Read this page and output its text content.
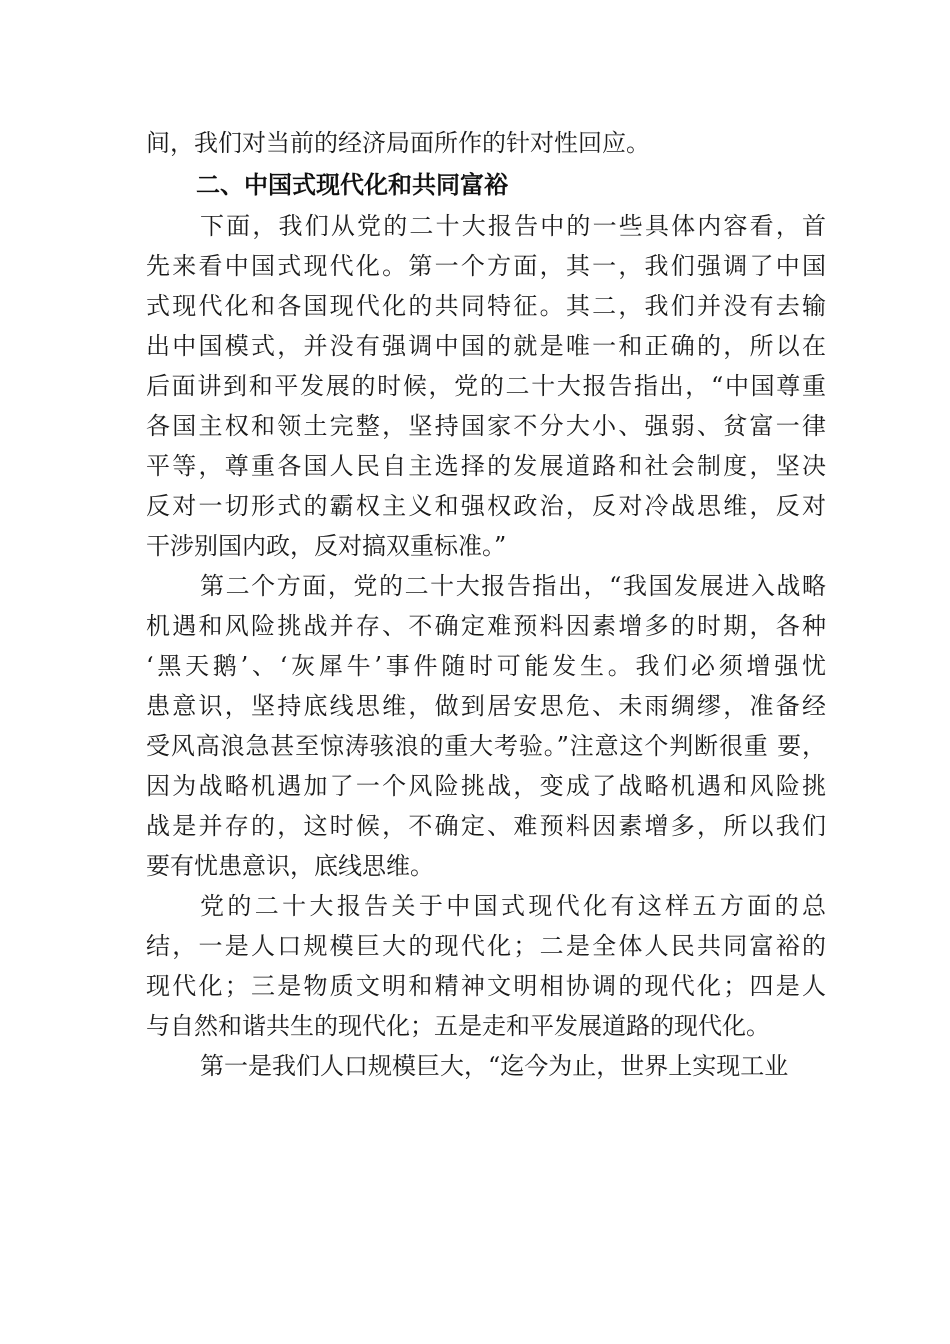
间，我们对当前的经济局面所作的针对性回应。
二、中国式现代化和共同富裕
下面，我们从党的二十大报告中的一些具体内容看，首
先来看中国式现代化。第一个方面，其一，我们强调了中国
式现代化和各国现代化的共同特征。其二，我们并没有去输
出中国模式，并没有强调中国的就是唯一和正确的，所以在
后面讲到和平发展的时候，党的二十大报告指出，“中国尊重
各国主权和领土完整，坚持国家不分大小、强弱、贫富一律
平等，尊重各国人民自主选择的发展道路和社会制度，坚决
反对一切形式的霸权主义和强权政治，反对冷战思维，反对
干涉别国内政，反对搞双重标准。”
第二个方面，党的二十大报告指出，“我国发展进入战略
机遇和风险挑战并存、不确定难预料因素增多的时期，各种
‘黑天鹅’、‘灰犀牛’事件随时可能发生。我们必须增强忧
患意识，坚持底线思维，做到居安思危、未雨绸缪，准备经
受风高浪急甚至惊涛骇浪的重大考验。”注意这个判断很重 要，
因为战略机遇加了一个风险挑战，变成了战略机遇和风险挑
战是并存的，这时候，不确定、难预料因素增多，所以我们
要有忧患意识，底线思维。
党的二十大报告关于中国式现代化有这样五方面的总
结，一是人口规模巨大的现代化；二是全体人民共同富裕的
现代化；三是物质文明和精神文明相协调的现代化；四是人
与自然和谐共生的现代化；五是走和平发展道路的现代化。
第一是我们人口规模巨大，“迄今为止，世界上实现工业
